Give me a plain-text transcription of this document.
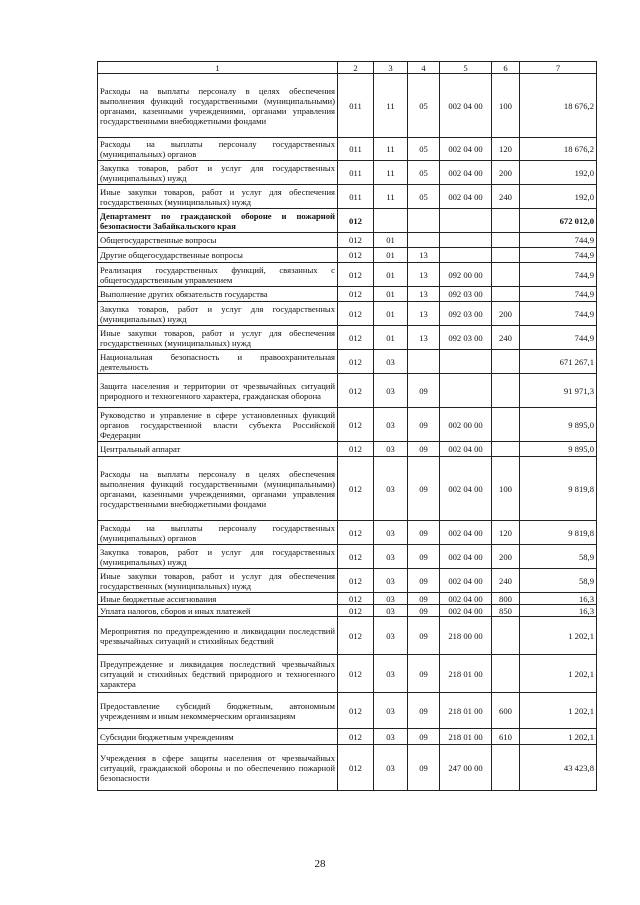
1	2	3	4	5	6	7
Расходы на выплаты персоналу в целях обеспечения выполнения функций государственными (муниципальными) органами, казенными учреждениями, органами управления государственными внебюджетными фондами	011	11	05	002 04 00	100	18 676,2
Расходы на выплаты персоналу государственных (муниципальных) органов	011	11	05	002 04 00	120	18 676,2
Закупка товаров, работ и услуг для государственных (муниципальных) нужд	011	11	05	002 04 00	200	192,0
Иные закупки товаров, работ и услуг для обеспечения государственных (муниципальных) нужд	011	11	05	002 04 00	240	192,0
Департамент по гражданской обороне и пожарной безопасности Забайкальского края	012					672 012,0
Общегосударственные вопросы	012	01				744,9
Другие общегосударственные вопросы	012	01	13			744,9
Реализация государственных функций, связанных с общегосударственным управлением	012	01	13	092 00 00		744,9
Выполнение других обязательств государства	012	01	13	092 03 00		744,9
Закупка товаров, работ и услуг для государственных (муниципальных) нужд	012	01	13	092 03 00	200	744,9
Иные закупки товаров, работ и услуг для обеспечения государственных (муниципальных) нужд	012	01	13	092 03 00	240	744,9
Национальная безопасность и правоохранительная деятельность	012	03				671 267,1
Защита населения и территории от чрезвычайных ситуаций природного и техногенного характера, гражданская оборона	012	03	09			91 971,3
Руководство и управление в сфере установленных функций органов государственной власти субъекта Российской Федерации	012	03	09	002 00 00		9 895,0
Центральный аппарат	012	03	09	002 04 00		9 895,0
Расходы на выплаты персоналу в целях обеспечения выполнения функций государственными (муниципальными) органами, казенными учреждениями, органами управления государственными внебюджетными фондами	012	03	09	002 04 00	100	9 819,8
Расходы на выплаты персоналу государственных (муниципальных) органов	012	03	09	002 04 00	120	9 819,8
Закупка товаров, работ и услуг для государственных (муниципальных) нужд	012	03	09	002 04 00	200	58,9
Иные закупки товаров, работ и услуг для обеспечения государственных (муниципальных) нужд	012	03	09	002 04 00	240	58,9
Иные бюджетные ассигнования	012	03	09	002 04 00	800	16,3
Уплата налогов, сборов и иных платежей	012	03	09	002 04 00	850	16,3
Мероприятия по предупреждению и ликвидации последствий чрезвычайных ситуаций и стихийных бедствий	012	03	09	218 00 00		1 202,1
Предупреждение и ликвидация последствий чрезвычайных ситуаций и стихийных бедствий природного и техногенного характера	012	03	09	218 01 00		1 202,1
Предоставление субсидий бюджетным, автономным учреждениям и иным некоммерческим организациям	012	03	09	218 01 00	600	1 202,1
Субсидии бюджетным учреждениям	012	03	09	218 01 00	610	1 202,1
Учреждения в сфере защиты населения от чрезвычайных ситуаций, гражданской обороны и по обеспечению пожарной безопасности	012	03	09	247 00 00		43 423,8
28
